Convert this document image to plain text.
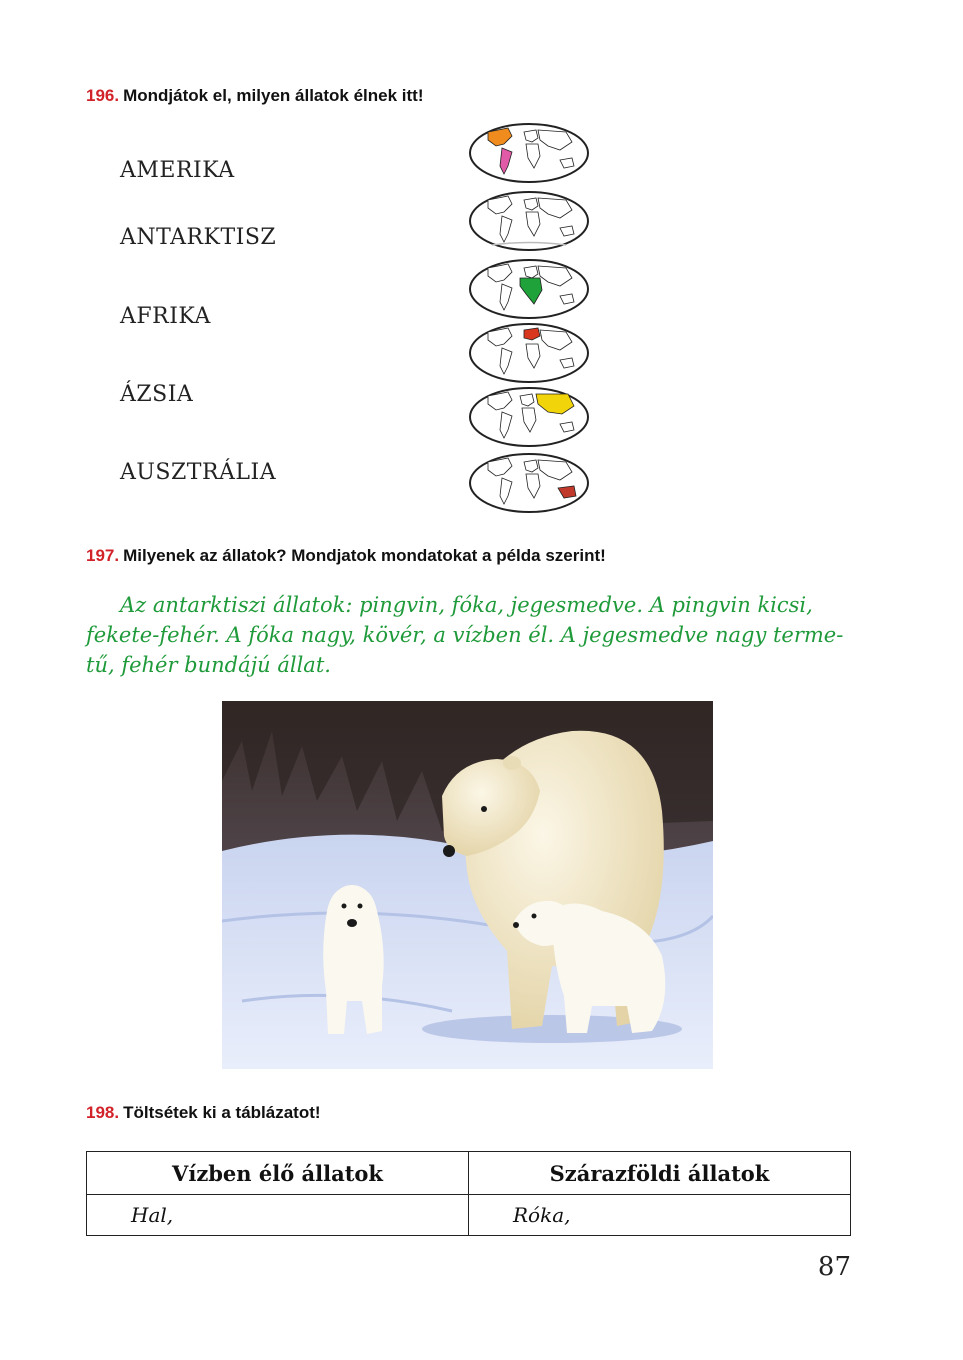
196. Mondjátok el, milyen állatok élnek itt!
AMERIKA
ANTARKTISZ
AFRIKA
ÁZSIA
AUSZTRÁLIA
197. Milyenek az állatok? Mondjatok mondatokat a példa szerint!

Az antarktiszi állatok: pingvin, fóka, jegesmedve. A pingvin kicsi,
fekete-fehér. A fóka nagy, kövér, a vízben él. A jegesmedve nagy terme-
tű, fehér bundájú állat.

198. Töltsétek ki a táblázatot!
Vízben élő állatok	Szárazföldi állatok
Hal,	Róka,
87
